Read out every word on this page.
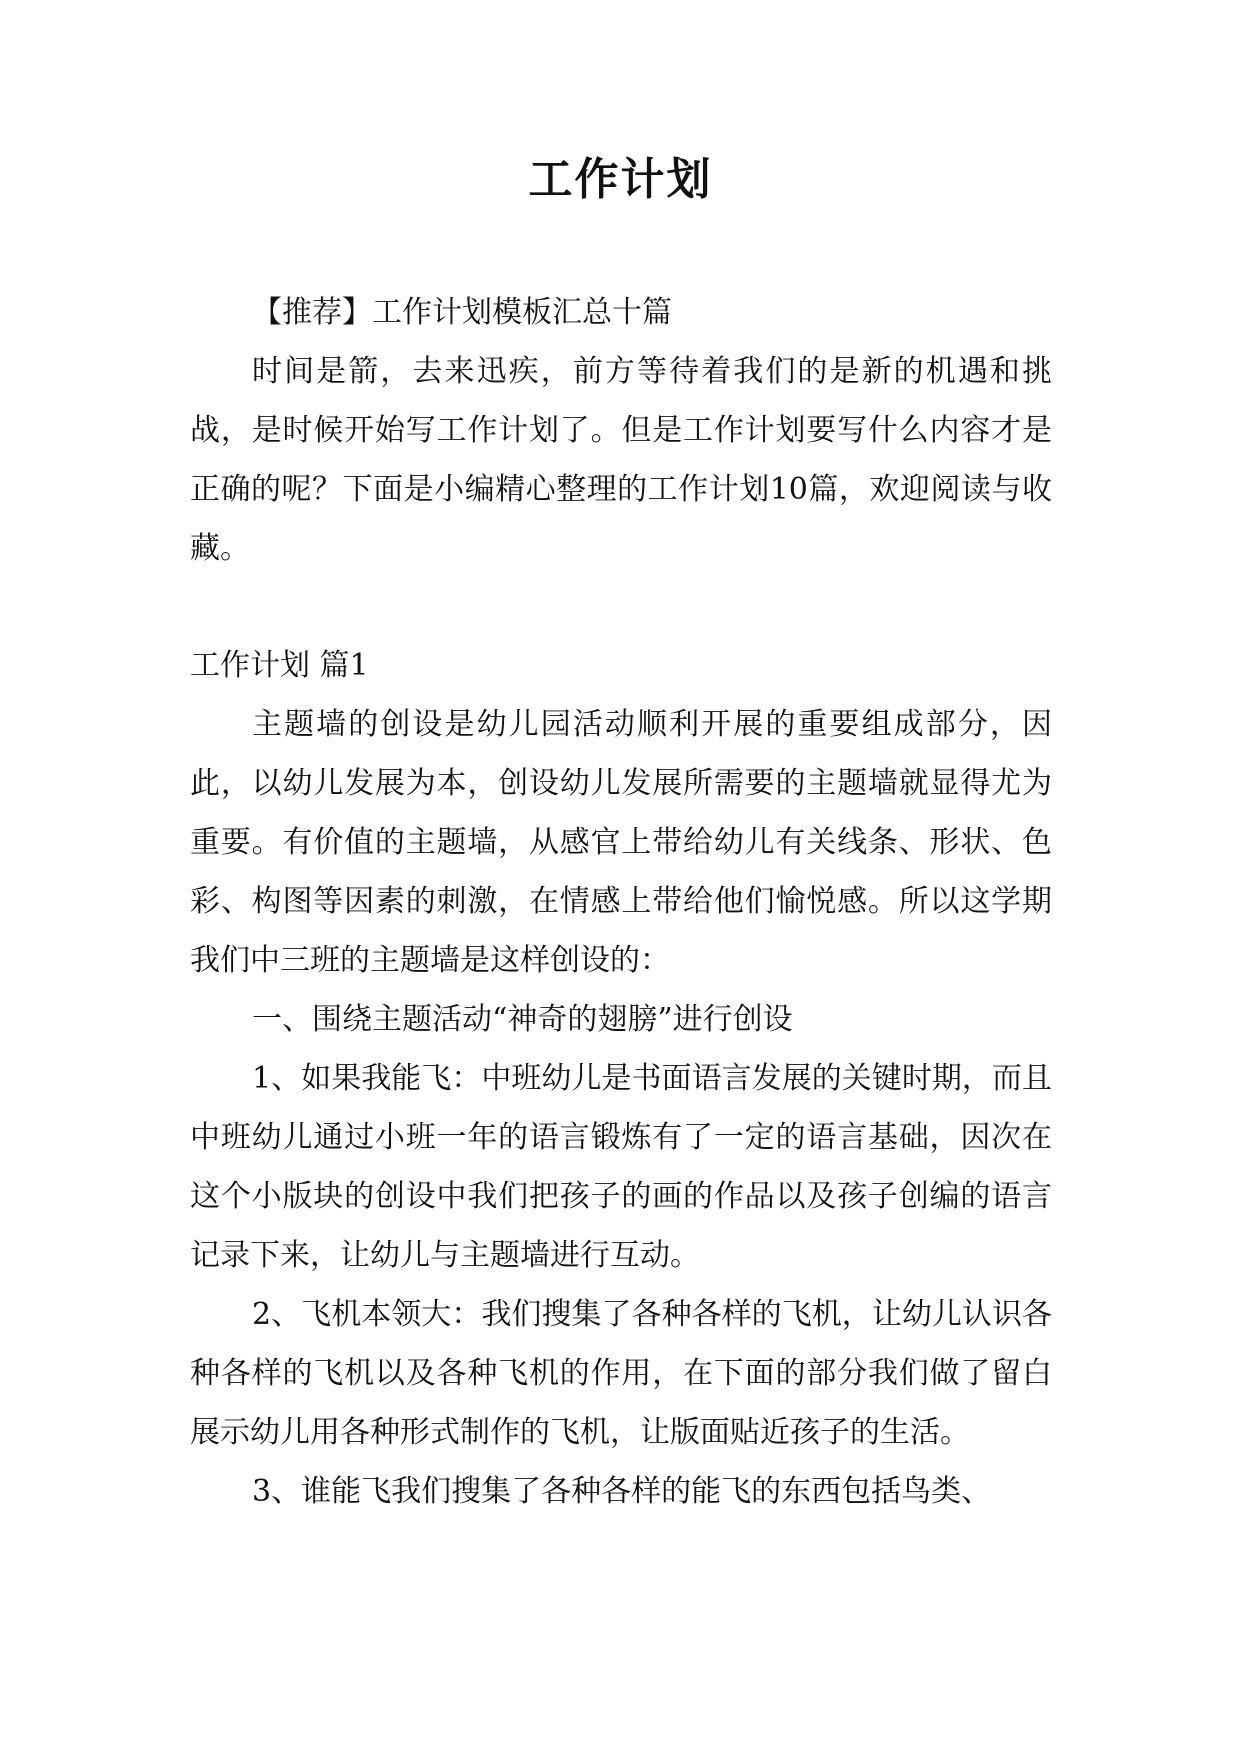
工作计划

【推荐】工作计划模板汇总十篇

时间是箭，去来迅疾，前方等待着我们的是新的机遇和挑战，是时候开始写工作计划了。但是工作计划要写什么内容才是正确的呢？下面是小编精心整理的工作计划10篇，欢迎阅读与收藏。

工作计划 篇1

主题墙的创设是幼儿园活动顺利开展的重要组成部分，因此，以幼儿发展为本，创设幼儿发展所需要的主题墙就显得尤为重要。有价值的主题墙，从感官上带给幼儿有关线条、形状、色彩、构图等因素的刺激，在情感上带给他们愉悦感。所以这学期我们中三班的主题墙是这样创设的：

一、围绕主题活动“神奇的翅膀”进行创设

1、如果我能飞：中班幼儿是书面语言发展的关键时期，而且中班幼儿通过小班一年的语言锻炼有了一定的语言基础，因次在这个小版块的创设中我们把孩子的画的作品以及孩子创编的语言记录下来，让幼儿与主题墙进行互动。

2、飞机本领大：我们搜集了各种各样的飞机，让幼儿认识各种各样的飞机以及各种飞机的作用，在下面的部分我们做了留白展示幼儿用各种形式制作的飞机，让版面贴近孩子的生活。

3、谁能飞我们搜集了各种各样的能飞的东西包括鸟类、
